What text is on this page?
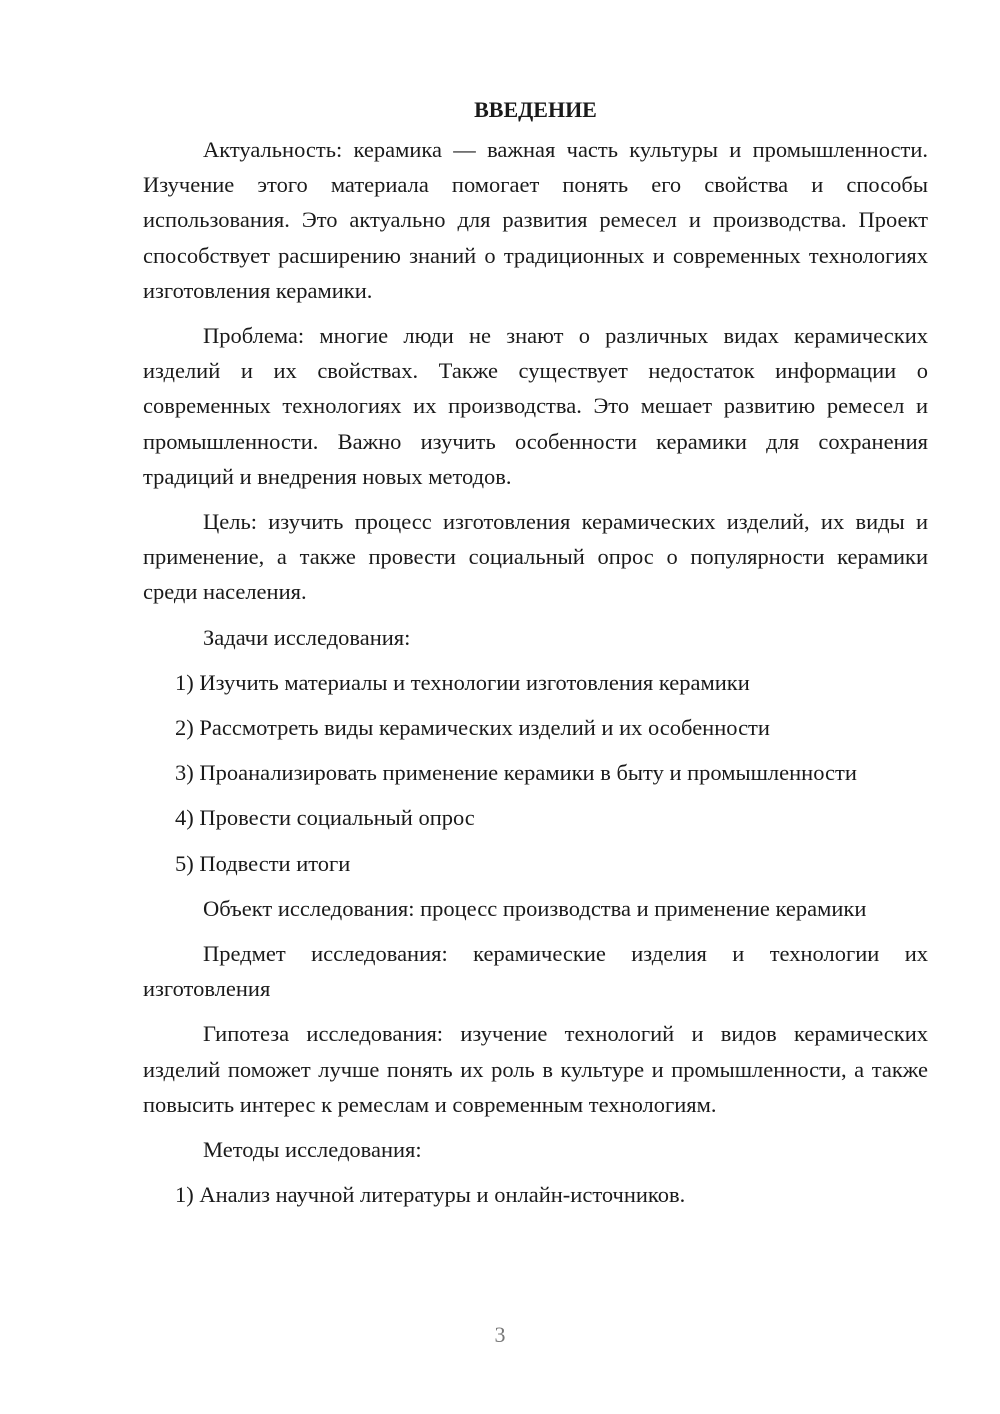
ВВЕДЕНИЕ

Актуальность: керамика — важная часть культуры и промышленности. Изучение этого материала помогает понять его свойства и способы использования. Это актуально для развития ремесел и производства. Проект способствует расширению знаний о традиционных и современных технологиях изготовления керамики.

Проблема: многие люди не знают о различных видах керамических изделий и их свойствах. Также существует недостаток информации о современных технологиях их производства. Это мешает развитию ремесел и промышленности. Важно изучить особенности керамики для сохранения традиций и внедрения новых методов.

Цель: изучить процесс изготовления керамических изделий, их виды и применение, а также провести социальный опрос о популярности керамики среди населения.

Задачи исследования:

1) Изучить материалы и технологии изготовления керамики

2) Рассмотреть виды керамических изделий и их особенности

3) Проанализировать применение керамики в быту и промышленности

4) Провести социальный опрос

5) Подвести итоги

Объект исследования: процесс производства и применение керамики

Предмет исследования: керамические изделия и технологии их изготовления

Гипотеза исследования: изучение технологий и видов керамических изделий поможет лучше понять их роль в культуре и промышленности, а также повысить интерес к ремеслам и современным технологиям.

Методы исследования:

1) Анализ научной литературы и онлайн-источников.

3
